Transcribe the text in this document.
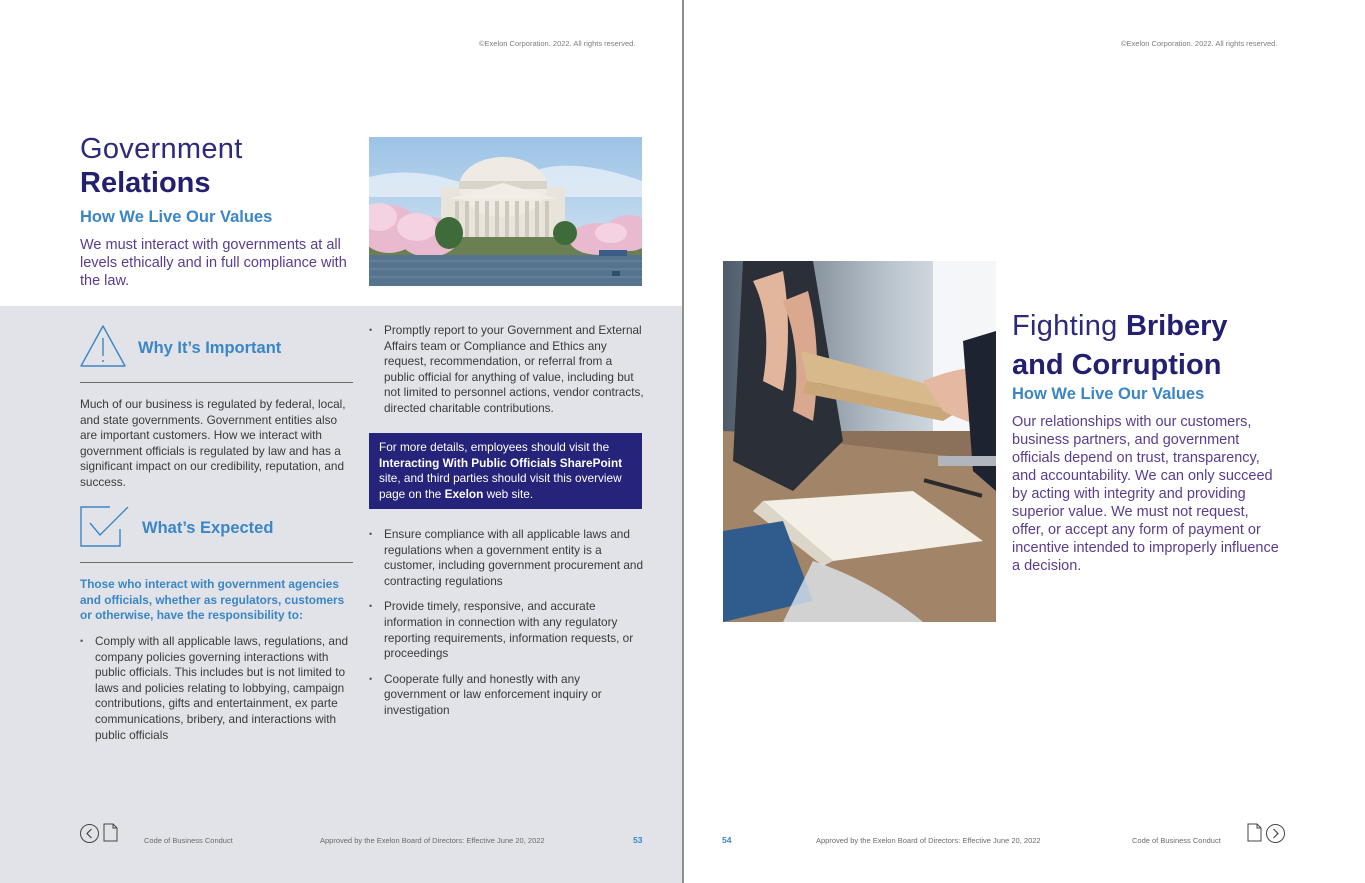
©Exelon Corporation. 2022. All rights reserved.
Government
Relations
How We Live Our Values
We must interact with governments at all levels ethically and in full compliance with the law.
Why It’s Important
Much of our business is regulated by federal, local, and state governments. Government entities also are important customers. How we interact with government officials is regulated by law and has a significant impact on our credibility, reputation, and success.
What’s Expected
Those who interact with government agencies and officials, whether as regulators, customers or otherwise, have the responsibility to:
• Comply with all applicable laws, regulations, and company policies governing interactions with public officials. This includes but is not limited to laws and policies relating to lobbying, campaign contributions, gifts and entertainment, ex parte communications, bribery, and interactions with public officials
• Promptly report to your Government and External Affairs team or Compliance and Ethics any request, recommendation, or referral from a public official for anything of value, including but not limited to personnel actions, vendor contracts, directed charitable contributions.
For more details, employees should visit the Interacting With Public Officials SharePoint site, and third parties should visit this overview page on the Exelon web site.
• Ensure compliance with all applicable laws and regulations when a government entity is a customer, including government procurement and contracting regulations
• Provide timely, responsive, and accurate information in connection with any regulatory reporting requirements, information requests, or proceedings
• Cooperate fully and honestly with any government or law enforcement inquiry or investigation
Code of Business Conduct	Approved by the Exelon Board of Directors: Effective June 20, 2022	53
©Exelon Corporation. 2022. All rights reserved.
Fighting Bribery
and Corruption
How We Live Our Values
Our relationships with our customers, business partners, and government officials depend on trust, transparency, and accountability. We can only succeed by acting with integrity and providing superior value. We must not request, offer, or accept any form of payment or incentive intended to improperly influence a decision.
54	Approved by the Exelon Board of Directors: Effective June 20, 2022	Code of Business Conduct
